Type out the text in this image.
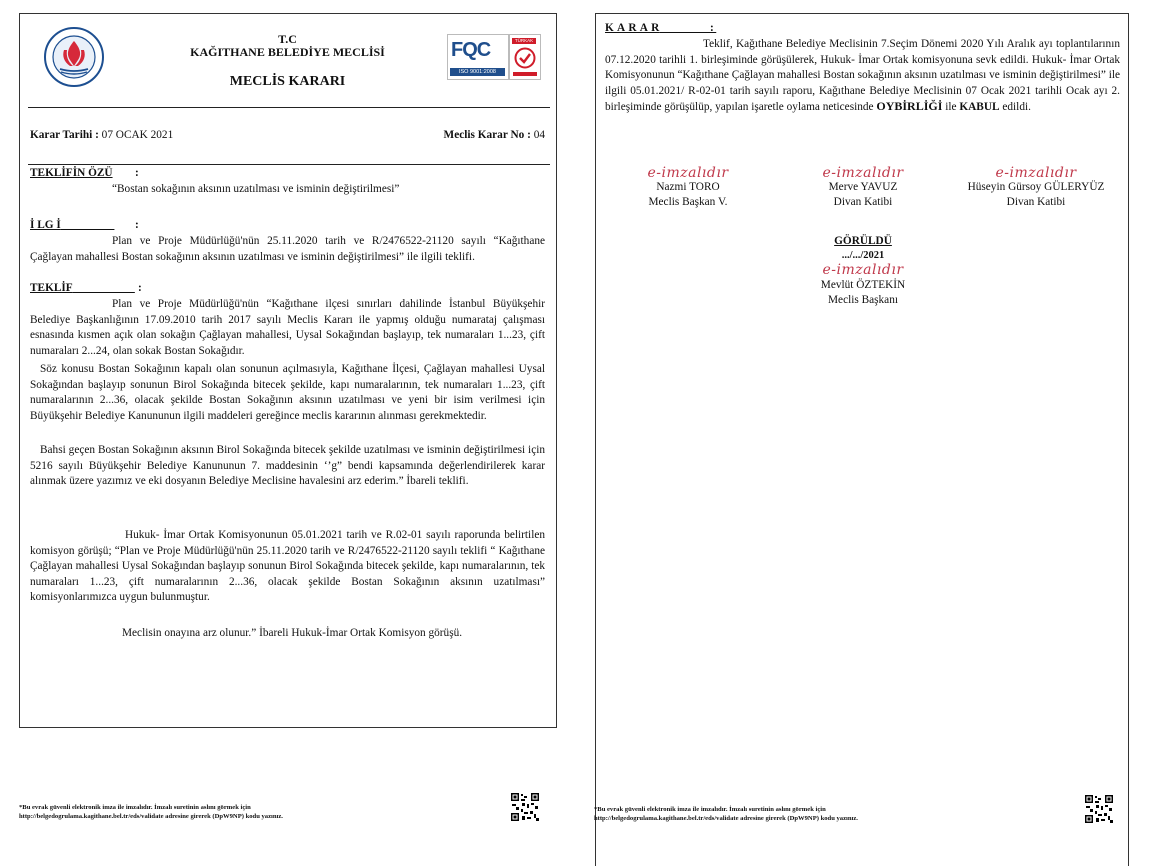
T.C
KAĞITHANE BELEDİYE MECLİSİ
MECLİS KARARI
FQC
ISO 9001:2008
TÜRKAK
Karar Tarihi : 07 OCAK 2021	Meclis Karar No : 04
TEKLİFİN ÖZÜ :
“Bostan sokağının aksının uzatılması ve isminin değiştirilmesi”
İ LG İ	:
Plan ve Proje Müdürlüğü'nün 25.11.2020 tarih ve R/2476522-21120 sayılı “Kağıthane Çağlayan mahallesi Bostan sokağının aksının uzatılması ve isminin değiştirilmesi” ile ilgili teklifi.
TEKLİF	:
Plan ve Proje Müdürlüğü'nün “Kağıthane ilçesi sınırları dahilinde İstanbul Büyükşehir Belediye Başkanlığının 17.09.2010 tarih 2017 sayılı Meclis Kararı ile yapmış olduğu numarataj çalışması esnasında kısmen açık olan sokağın Çağlayan mahallesi, Uysal Sokağından başlayıp, tek numaraları 1...23, çift numaraları 2...24, olan sokak Bostan Sokağıdır.
Söz konusu Bostan Sokağının kapalı olan sonunun açılmasıyla, Kağıthane İlçesi, Çağlayan mahallesi Uysal Sokağından başlayıp sonunun Birol Sokağında bitecek şekilde, kapı numaralarının, tek numaraları 1...23, çift numaralarının 2...36, olacak şekilde Bostan Sokağının aksının uzatılması ve yeni bir isim verilmesi için Büyükşehir Belediye Kanununun ilgili maddeleri gereğince meclis kararının alınması gerekmektedir.
Bahsi geçen Bostan Sokağının aksının Birol Sokağında bitecek şekilde uzatılması ve isminin değiştirilmesi için 5216 sayılı Büyükşehir Belediye Kanununun 7. maddesinin ‘’g” bendi kapsamında değerlendirilerek karar alınmak üzere yazımız ve eki dosyanın Belediye Meclisine havalesini arz ederim.” İbareli teklifi.
Hukuk- İmar Ortak Komisyonunun 05.01.2021 tarih ve R.02-01 sayılı raporunda belirtilen komisyon görüşü; “Plan ve Proje Müdürlüğü'nün 25.11.2020 tarih ve R/2476522-21120 sayılı teklifi “ Kağıthane Çağlayan mahallesi Uysal Sokağından başlayıp sonunun Birol Sokağında bitecek şekilde, kapı numaralarının, tek numaraları 1...23, çift numaralarının 2...36, olacak şekilde Bostan Sokağının aksının uzatılması” komisyonlarımızca uygun bulunmuştur.
Meclisin onayına arz olunur.” İbareli Hukuk-İmar Ortak Komisyon görüşü.
*Bu evrak güvenli elektronik imza ile imzalıdır. İmzalı suretinin aslını görmek için
http://belgedogrulama.kagithane.bel.tr/eds/validate adresine girerek (DpW9NP) kodu yazınız.
K A R A R	:
Teklif, Kağıthane Belediye Meclisinin 7.Seçim Dönemi 2020 Yılı Aralık ayı toplantılarının 07.12.2020 tarihli 1. birleşiminde görüşülerek, Hukuk- İmar Ortak komisyonuna sevk edildi. Hukuk- İmar Ortak Komisyonunun “Kağıthane Çağlayan mahallesi Bostan sokağının aksının uzatılması ve isminin değiştirilmesi” ile ilgili 05.01.2021/ R-02-01 tarih sayılı raporu, Kağıthane Belediye Meclisinin 07 Ocak 2021 tarihli Ocak ayı 2. birleşiminde görüşülüp, yapılan işaretle oylama neticesinde OYBİRLİĞİ ile KABUL edildi.
e-imzalıdır
Nazmi TORO
Meclis Başkan V.
e-imzalıdır
Merve YAVUZ
Divan Katibi
e-imzalıdır
Hüseyin Gürsoy GÜLERYÜZ
Divan Katibi
GÖRÜLDÜ
.../.../2021
e-imzalıdır
Mevlüt ÖZTEKİN
Meclis Başkanı
*Bu evrak güvenli elektronik imza ile imzalıdır. İmzalı suretinin aslını görmek için
http://belgedogrulama.kagithane.bel.tr/eds/validate adresine girerek (DpW9NP) kodu yazınız.
